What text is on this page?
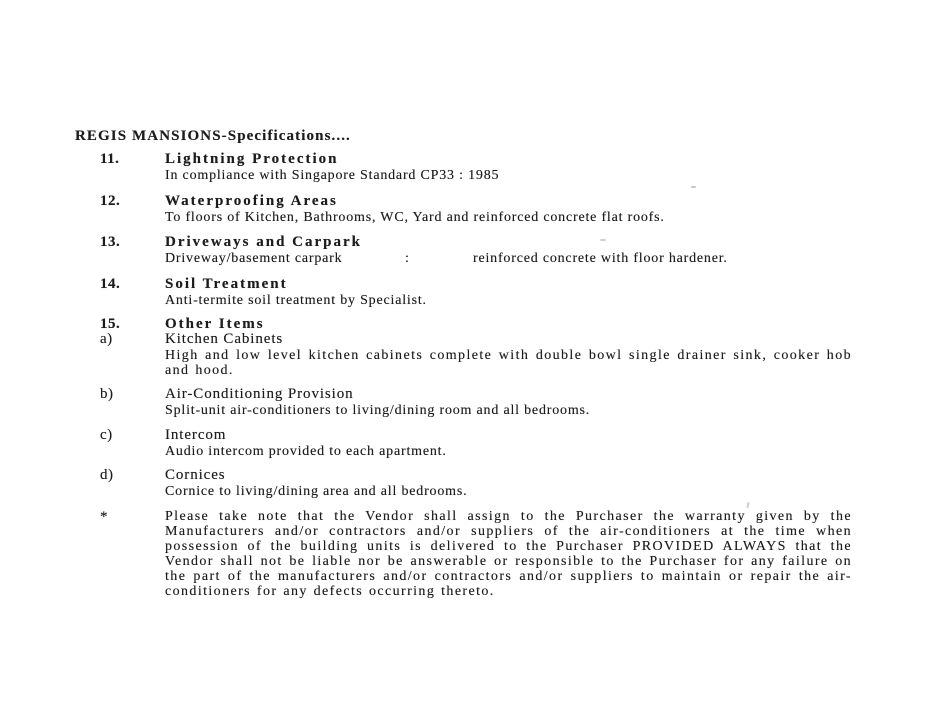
REGIS MANSIONS-Specifications....
11.	Lightning Protection
In compliance with Singapore Standard CP33 : 1985
12.	Waterproofing Areas
To floors of Kitchen, Bathrooms, WC, Yard and reinforced concrete flat roofs.
13.	Driveways and Carpark
Driveway/basement carpark	:	reinforced concrete with floor hardener.
14.	Soil Treatment
Anti-termite soil treatment by Specialist.
15.	Other Items
a)	Kitchen Cabinets
High and low level kitchen cabinets complete with double bowl single drainer sink, cooker hob and hood.
b)	Air-Conditioning Provision
Split-unit air-conditioners to living/dining room and all bedrooms.
c)	Intercom
Audio intercom provided to each apartment.
d)	Cornices
Cornice to living/dining area and all bedrooms.
*	Please take note that the Vendor shall assign to the Purchaser the warranty given by the Manufacturers and/or contractors and/or suppliers of the air-conditioners at the time when possession of the building units is delivered to the Purchaser PROVIDED ALWAYS that the Vendor shall not be liable nor be answerable or responsible to the Purchaser for any failure on the part of the manufacturers and/or contractors and/or suppliers to maintain or repair the air-conditioners for any defects occurring thereto.
